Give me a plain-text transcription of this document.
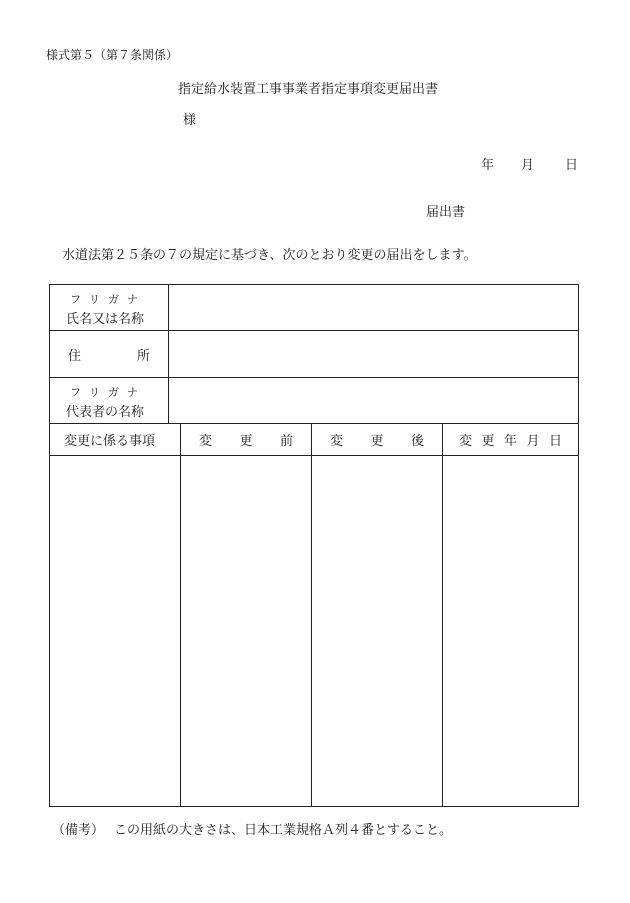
様式第５（第７条関係）
指定給水装置工事事業者指定事項変更届出書
様
年	月	日
届出書
水道法第２５条の７の規定に基づき、次のとおり変更の届出をします。
フ リ ガ ナ
氏名又は名称
住	所
フ リ ガ ナ
代表者の名称
変更に係る事項	変 更 前	変 更 後	変 更 年 月 日
（備考） この用紙の大きさは、日本工業規格Ａ列４番とすること。
